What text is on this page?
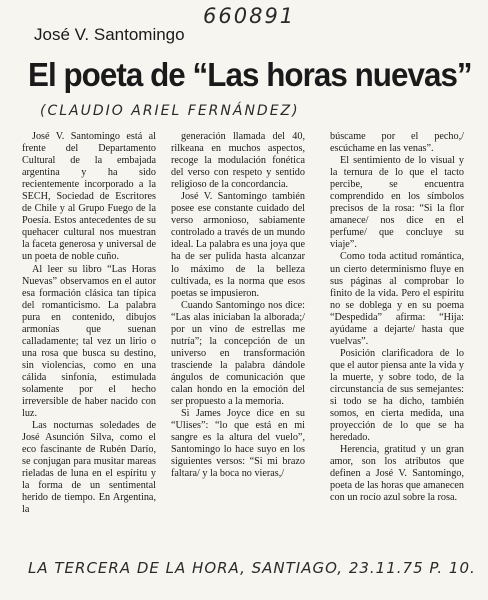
660891
José V. Santomingo
El poeta de “Las horas nuevas”
(CLAUDIO ARIEL FERNÁNDEZ)

José V. Santomingo está al frente del Departamento Cultural de la embajada argentina y ha sido recientemente incorporado a la SECH, Sociedad de Escritores de Chile y al Grupo Fuego de la Poesía. Estos antecedentes de su quehacer cultural nos muestran la faceta generosa y universal de un poeta de noble cuño.

Al leer su libro “Las Horas Nuevas” observamos en el autor esa formación clásica tan típica del romanticismo. La palabra pura en contenido, dibujos armonías que suenan calladamente; tal vez un lirio o una rosa que busca su destino, sin violencias, como en una cálida sinfonía, estimulada solamente por el hecho irreversible de haber nacido con luz.

Las nocturnas soledades de José Asunción Silva, como el eco fascinante de Rubén Darío, se conjugan para musitar mareas rieladas de luna en el espíritu y la forma de un sentimental herido de tiempo. En Argentina, la

generación llamada del 40, rilkeana en muchos aspectos, recoge la modulación fonética del verso con respeto y sentido religioso de la concordancia.

José V. Santomingo también posee ese constante cuidado del verso armonioso, sabiamente controlado a través de un mundo ideal. La palabra es una joya que ha de ser pulida hasta alcanzar lo máximo de la belleza cultivada, es la norma que esos poetas se impusieron.

Cuando Santomingo nos dice: “Las alas iniciaban la alborada;/ por un vino de estrellas me nutría”; la concepción de un universo en transformación trasciende la palabra dándole ángulos de comunicación que calan hondo en la emoción del ser propuesto a la memoria.

Si James Joyce dice en su “Ulises”: “lo que está en mi sangre es la altura del vuelo”, Santomingo lo hace suyo en los siguientes versos: “Si mi brazo faltara/ y la boca no vieras,/

búscame por el pecho,/ escúchame en las venas”.

El sentimiento de lo visual y la ternura de lo que el tacto percibe, se encuentra comprendido en los símbolos precisos de la rosa: “Si la flor amanece/ nos dice en el perfume/ que concluye su viaje”.

Como toda actitud romántica, un cierto determinismo fluye en sus páginas al comprobar lo finito de la vida. Pero el espíritu no se doblega y en su poema “Despedida” afirma: “Hija: ayúdame a dejarte/ hasta que vuelvas”.

Posición clarificadora de lo que el autor piensa ante la vida y la muerte, y sobre todo, de la circunstancia de sus semejantes: si todo se ha dicho, también somos, en cierta medida, una proyección de lo que se ha heredado.

Herencia, gratitud y un gran amor, son los atributos que definen a José V. Santomingo, poeta de las horas que amanecen con un rocío azul sobre la rosa.

LA TERCERA DE LA HORA, SANTIAGO, 23.11.75 P. 10.
